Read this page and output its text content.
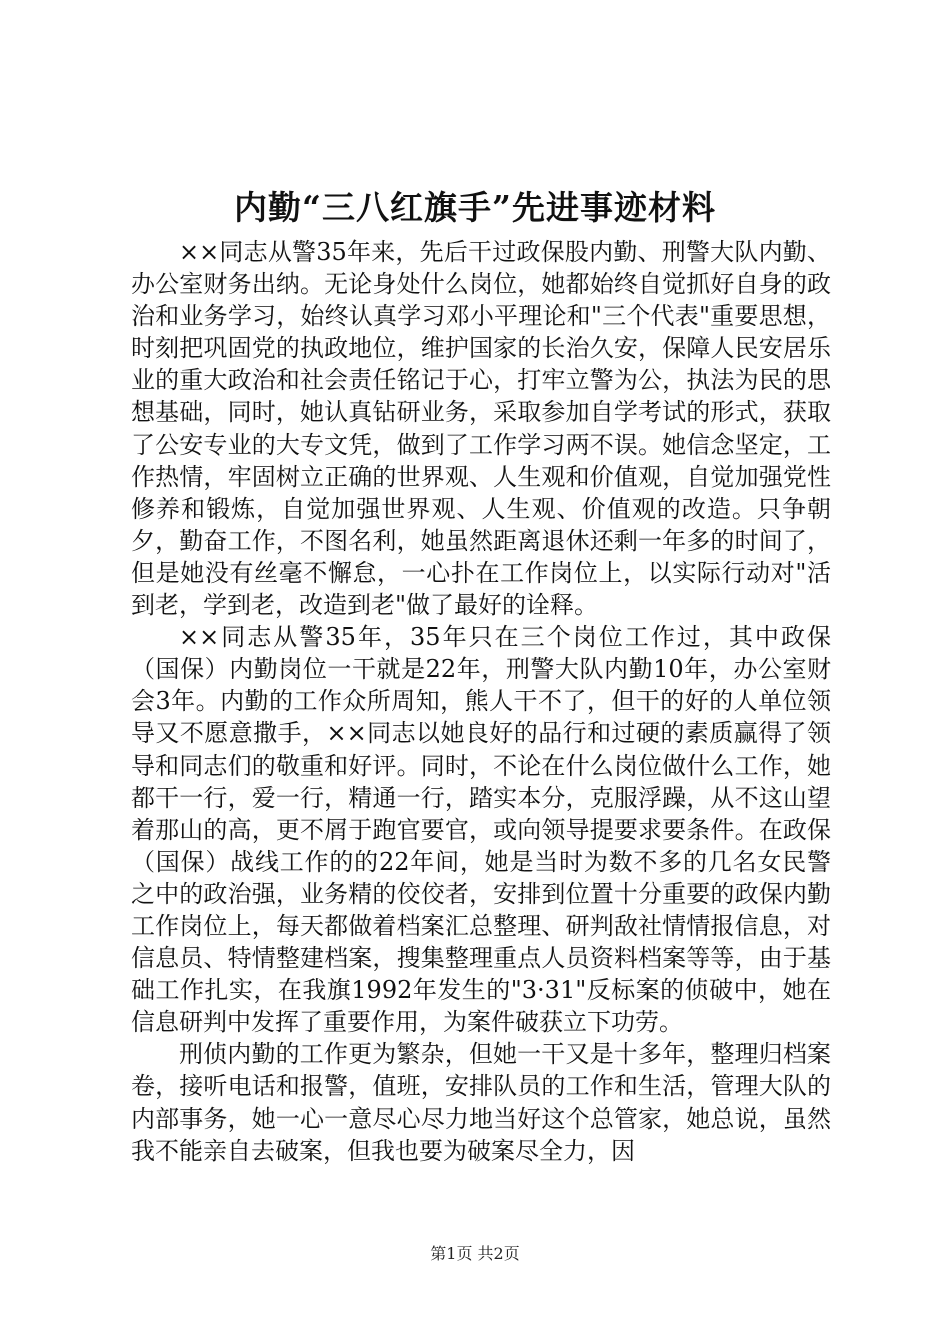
内勤“三八红旗手”先进事迹材料

××同志从警35年来，先后干过政保股内勤、刑警大队内勤、办公室财务出纳。无论身处什么岗位，她都始终自觉抓好自身的政治和业务学习，始终认真学习邓小平理论和"三个代表"重要思想，时刻把巩固党的执政地位，维护国家的长治久安，保障人民安居乐业的重大政治和社会责任铭记于心，打牢立警为公，执法为民的思想基础，同时，她认真钻研业务，采取参加自学考试的形式，获取了公安专业的大专文凭，做到了工作学习两不误。她信念坚定，工作热情，牢固树立正确的世界观、人生观和价值观，自觉加强党性修养和锻炼，自觉加强世界观、人生观、价值观的改造。只争朝夕，勤奋工作，不图名利，她虽然距离退休还剩一年多的时间了，但是她没有丝毫不懈怠，一心扑在工作岗位上，以实际行动对"活到老，学到老，改造到老"做了最好的诠释。

××同志从警35年，35年只在三个岗位工作过，其中政保（国保）内勤岗位一干就是22年，刑警大队内勤10年，办公室财会3年。内勤的工作众所周知，熊人干不了，但干的好的人单位领导又不愿意撒手，××同志以她良好的品行和过硬的素质赢得了领导和同志们的敬重和好评。同时，不论在什么岗位做什么工作，她都干一行，爱一行，精通一行，踏实本分，克服浮躁，从不这山望着那山的高，更不屑于跑官要官，或向领导提要求要条件。在政保（国保）战线工作的的22年间，她是当时为数不多的几名女民警之中的政治强，业务精的佼佼者，安排到位置十分重要的政保内勤工作岗位上，每天都做着档案汇总整理、研判敌社情情报信息，对信息员、特情整建档案，搜集整理重点人员资料档案等等，由于基础工作扎实，在我旗1992年发生的"3·31"反标案的侦破中，她在信息研判中发挥了重要作用，为案件破获立下功劳。

刑侦内勤的工作更为繁杂，但她一干又是十多年，整理归档案卷，接听电话和报警，值班，安排队员的工作和生活，管理大队的内部事务，她一心一意尽心尽力地当好这个总管家，她总说，虽然我不能亲自去破案，但我也要为破案尽全力，因

第1页 共2页
